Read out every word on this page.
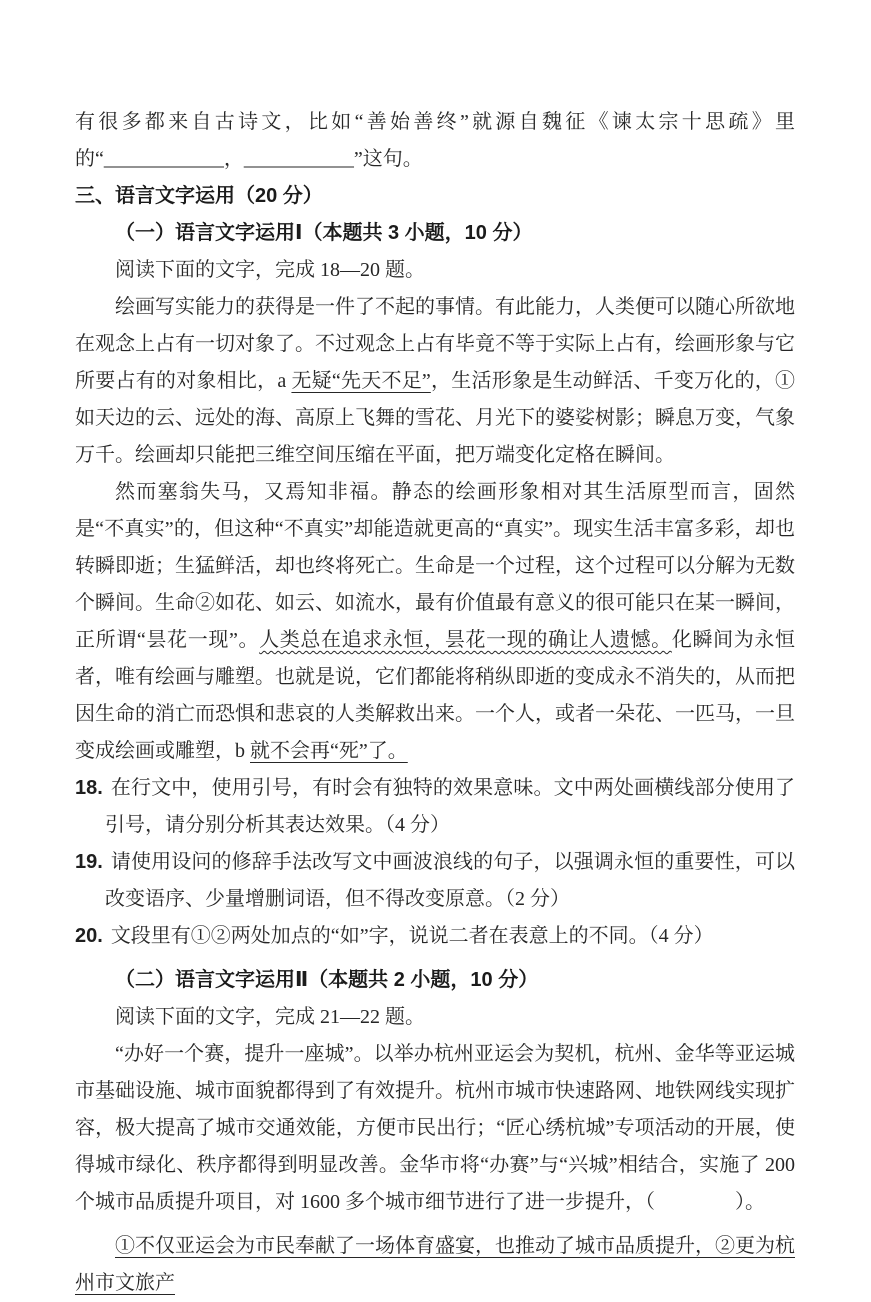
有很多都来自古诗文，比如“善始善终”就源自魏征《谏太宗十思疏》里的“____________，___________”这句。

三、语言文字运用（20 分）

（一）语言文字运用Ⅰ（本题共 3 小题，10 分）

阅读下面的文字，完成 18—20 题。

绘画写实能力的获得是一件了不起的事情。有此能力，人类便可以随心所欲地在观念上占有一切对象了。不过观念上占有毕竟不等于实际上占有，绘画形象与它所要占有的对象相比，a 无疑“先天不足”，生活形象是生动鲜活、千变万化的，①如天边的云、远处的海、高原上飞舞的雪花、月光下的婆娑树影；瞬息万变，气象万千。绘画却只能把三维空间压缩在平面，把万端变化定格在瞬间。

然而塞翁失马，又焉知非福。静态的绘画形象相对其生活原型而言，固然是“不真实”的，但这种“不真实”却能造就更高的“真实”。现实生活丰富多彩，却也转瞬即逝；生猛鲜活，却也终将死亡。生命是一个过程，这个过程可以分解为无数个瞬间。生命②如花、如云、如流水，最有价值最有意义的很可能只在某一瞬间，正所谓“昙花一现”。人类总在追求永恒，昙花一现的确让人遗憾。化瞬间为永恒者，唯有绘画与雕塑。也就是说，它们都能将稍纵即逝的变成永不消失的，从而把因生命的消亡而恐惧和悲哀的人类解救出来。一个人，或者一朵花、一匹马，一旦变成绘画或雕塑，b 就不会再“死”了。

18. 在行文中，使用引号，有时会有独特的效果意味。文中两处画横线部分使用了引号，请分别分析其表达效果。（4 分）

19. 请使用设问的修辞手法改写文中画波浪线的句子，以强调永恒的重要性，可以改变语序、少量增删词语，但不得改变原意。（2 分）

20. 文段里有①②两处加点的“如”字，说说二者在表意上的不同。（4 分）

（二）语言文字运用Ⅱ（本题共 2 小题，10 分）

阅读下面的文字，完成 21—22 题。

“办好一个赛，提升一座城”。以举办杭州亚运会为契机，杭州、金华等亚运城市基础设施、城市面貌都得到了有效提升。杭州市城市快速路网、地铁网线实现扩容，极大提高了城市交通效能，方便市民出行；“匠心绣杭城”专项活动的开展，使得城市绿化、秩序都得到明显改善。金华市将“办赛”与“兴城”相结合，实施了 200 个城市品质提升项目，对 1600 多个城市细节进行了进一步提升，（　　　　）。

①不仅亚运会为市民奉献了一场体育盛宴，也推动了城市品质提升，②更为杭州市文旅产
